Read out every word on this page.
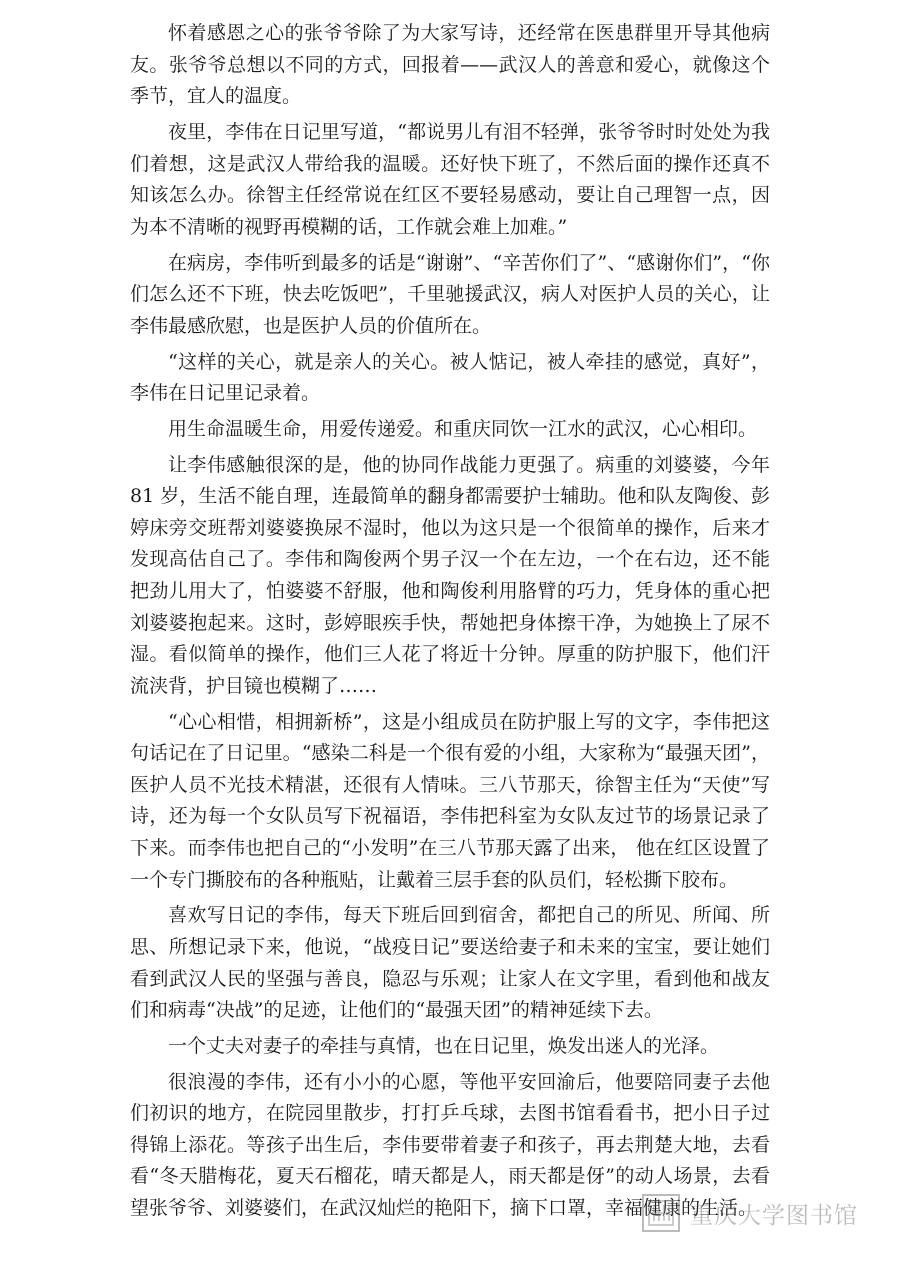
怀着感恩之心的张爷爷除了为大家写诗，还经常在医患群里开导其他病友。张爷爷总想以不同的方式，回报着——武汉人的善意和爱心，就像这个季节，宜人的温度。

夜里，李伟在日记里写道，“都说男儿有泪不轻弹，张爷爷时时处处为我们着想，这是武汉人带给我的温暖。还好快下班了，不然后面的操作还真不知该怎么办。徐智主任经常说在红区不要轻易感动，要让自己理智一点，因为本不清晰的视野再模糊的话，工作就会难上加难。”

在病房，李伟听到最多的话是“谢谢”、“辛苦你们了”、“感谢你们”，“你们怎么还不下班，快去吃饭吧”，千里驰援武汉，病人对医护人员的关心，让李伟最感欣慰，也是医护人员的价值所在。

“这样的关心，就是亲人的关心。被人惦记，被人牵挂的感觉，真好”，李伟在日记里记录着。

用生命温暖生命，用爱传递爱。和重庆同饮一江水的武汉，心心相印。

让李伟感触很深的是，他的协同作战能力更强了。病重的刘婆婆，今年 81 岁，生活不能自理，连最简单的翻身都需要护士辅助。他和队友陶俊、彭婷床旁交班帮刘婆婆换尿不湿时，他以为这只是一个很简单的操作，后来才发现高估自己了。李伟和陶俊两个男子汉一个在左边，一个在右边，还不能把劲儿用大了，怕婆婆不舒服，他和陶俊利用胳臂的巧力，凭身体的重心把刘婆婆抱起来。这时，彭婷眼疾手快，帮她把身体擦干净，为她换上了尿不湿。看似简单的操作，他们三人花了将近十分钟。厚重的防护服下，他们汗流浃背，护目镜也模糊了……

“心心相惜，相拥新桥”，这是小组成员在防护服上写的文字，李伟把这句话记在了日记里。“感染二科是一个很有爱的小组，大家称为“最强天团”，医护人员不光技术精湛，还很有人情味。三八节那天，徐智主任为“天使”写诗，还为每一个女队员写下祝福语，李伟把科室为女队友过节的场景记录了下来。而李伟也把自己的“小发明”在三八节那天露了出来， 他在红区设置了一个专门撕胶布的各种瓶贴，让戴着三层手套的队员们，轻松撕下胶布。

喜欢写日记的李伟，每天下班后回到宿舍，都把自己的所见、所闻、所思、所想记录下来，他说，“战疫日记”要送给妻子和未来的宝宝，要让她们看到武汉人民的坚强与善良，隐忍与乐观；让家人在文字里，看到他和战友们和病毒“决战”的足迹，让他们的“最强天团”的精神延续下去。

一个丈夫对妻子的牵挂与真情，也在日记里，焕发出迷人的光泽。

很浪漫的李伟，还有小小的心愿，等他平安回渝后，他要陪同妻子去他们初识的地方，在院园里散步，打打乒乓球，去图书馆看看书，把小日子过得锦上添花。等孩子出生后，李伟要带着妻子和孩子，再去荆楚大地，去看看“冬天腊梅花，夏天石榴花，晴天都是人，雨天都是伢”的动人场景，去看望张爷爷、刘婆婆们，在武汉灿烂的艳阳下，摘下口罩，幸福健康的生活。

重庆大学图书馆
